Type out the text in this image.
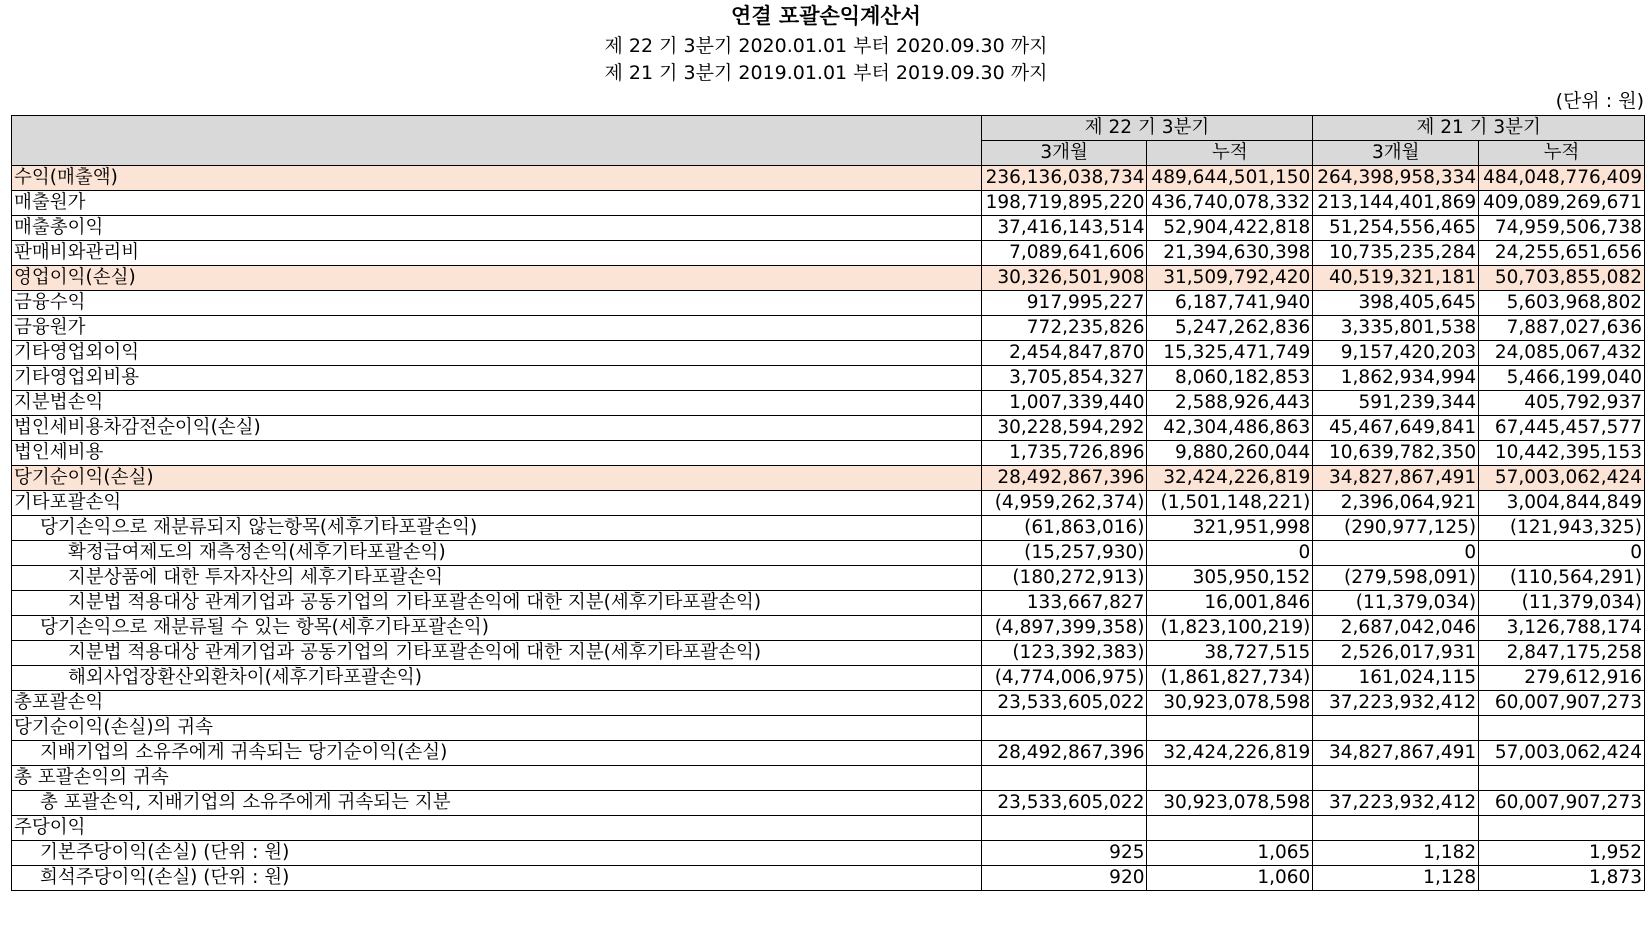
연결 포괄손익계산서
제 22 기 3분기 2020.01.01 부터 2020.09.30 까지
제 21 기 3분기 2019.01.01 부터 2019.09.30 까지
(단위 : 원)
	제 22 기 3분기		제 21 기 3분기	
	3개월	누적	3개월	누적
수익(매출액)	236,136,038,734	489,644,501,150	264,398,958,334	484,048,776,409
매출원가	198,719,895,220	436,740,078,332	213,144,401,869	409,089,269,671
매출총이익	37,416,143,514	52,904,422,818	51,254,556,465	74,959,506,738
판매비와관리비	7,089,641,606	21,394,630,398	10,735,235,284	24,255,651,656
영업이익(손실)	30,326,501,908	31,509,792,420	40,519,321,181	50,703,855,082
금융수익	917,995,227	6,187,741,940	398,405,645	5,603,968,802
금융원가	772,235,826	5,247,262,836	3,335,801,538	7,887,027,636
기타영업외이익	2,454,847,870	15,325,471,749	9,157,420,203	24,085,067,432
기타영업외비용	3,705,854,327	8,060,182,853	1,862,934,994	5,466,199,040
지분법손익	1,007,339,440	2,588,926,443	591,239,344	405,792,937
법인세비용차감전순이익(손실)	30,228,594,292	42,304,486,863	45,467,649,841	67,445,457,577
법인세비용	1,735,726,896	9,880,260,044	10,639,782,350	10,442,395,153
당기순이익(손실)	28,492,867,396	32,424,226,819	34,827,867,491	57,003,062,424
기타포괄손익	(4,959,262,374)	(1,501,148,221)	2,396,064,921	3,004,844,849
당기손익으로 재분류되지 않는항목(세후기타포괄손익)	(61,863,016)	321,951,998	(290,977,125)	(121,943,325)
확정급여제도의 재측정손익(세후기타포괄손익)	(15,257,930)	0	0	0
지분상품에 대한 투자자산의 세후기타포괄손익	(180,272,913)	305,950,152	(279,598,091)	(110,564,291)
지분법 적용대상 관계기업과 공동기업의 기타포괄손익에 대한 지분(세후기타포괄손익)	133,667,827	16,001,846	(11,379,034)	(11,379,034)
당기손익으로 재분류될 수 있는 항목(세후기타포괄손익)	(4,897,399,358)	(1,823,100,219)	2,687,042,046	3,126,788,174
지분법 적용대상 관계기업과 공동기업의 기타포괄손익에 대한 지분(세후기타포괄손익)	(123,392,383)	38,727,515	2,526,017,931	2,847,175,258
해외사업장환산외환차이(세후기타포괄손익)	(4,774,006,975)	(1,861,827,734)	161,024,115	279,612,916
총포괄손익	23,533,605,022	30,923,078,598	37,223,932,412	60,007,907,273
당기순이익(손실)의 귀속				
지배기업의 소유주에게 귀속되는 당기순이익(손실)	28,492,867,396	32,424,226,819	34,827,867,491	57,003,062,424
총 포괄손익의 귀속				
총 포괄손익, 지배기업의 소유주에게 귀속되는 지분	23,533,605,022	30,923,078,598	37,223,932,412	60,007,907,273
주당이익				
기본주당이익(손실) (단위 : 원)	925	1,065	1,182	1,952
희석주당이익(손실) (단위 : 원)	920	1,060	1,128	1,873
